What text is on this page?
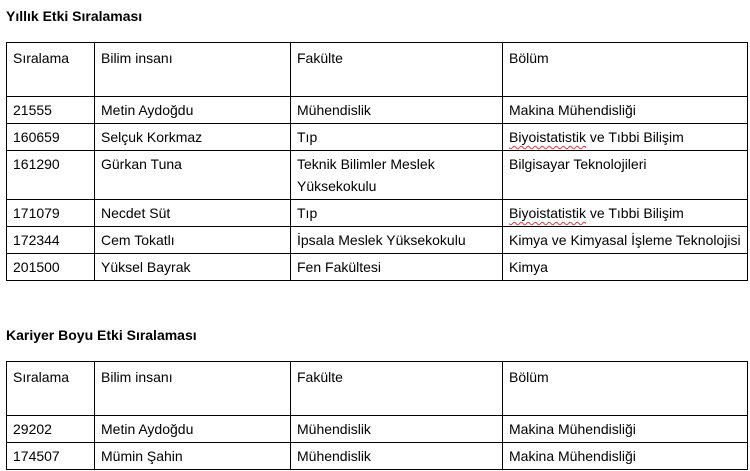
Yıllık Etki Sıralaması
Sıralama	Bilim insanı	Fakülte	Bölüm
21555	Metin Aydoğdu	Mühendislik	Makina Mühendisliği
160659	Selçuk Korkmaz	Tıp	Biyoistatistik ve Tıbbi Bilişim
161290	Gürkan Tuna	Teknik Bilimler Meslek Yüksekokulu	Bilgisayar Teknolojileri
171079	Necdet Süt	Tıp	Biyoistatistik ve Tıbbi Bilişim
172344	Cem Tokatlı	İpsala Meslek Yüksekokulu	Kimya ve Kimyasal İşleme Teknolojisi
201500	Yüksel Bayrak	Fen Fakültesi	Kimya
Kariyer Boyu Etki Sıralaması
Sıralama	Bilim insanı	Fakülte	Bölüm
29202	Metin Aydoğdu	Mühendislik	Makina Mühendisliği
174507	Mümin Şahin	Mühendislik	Makina Mühendisliği
